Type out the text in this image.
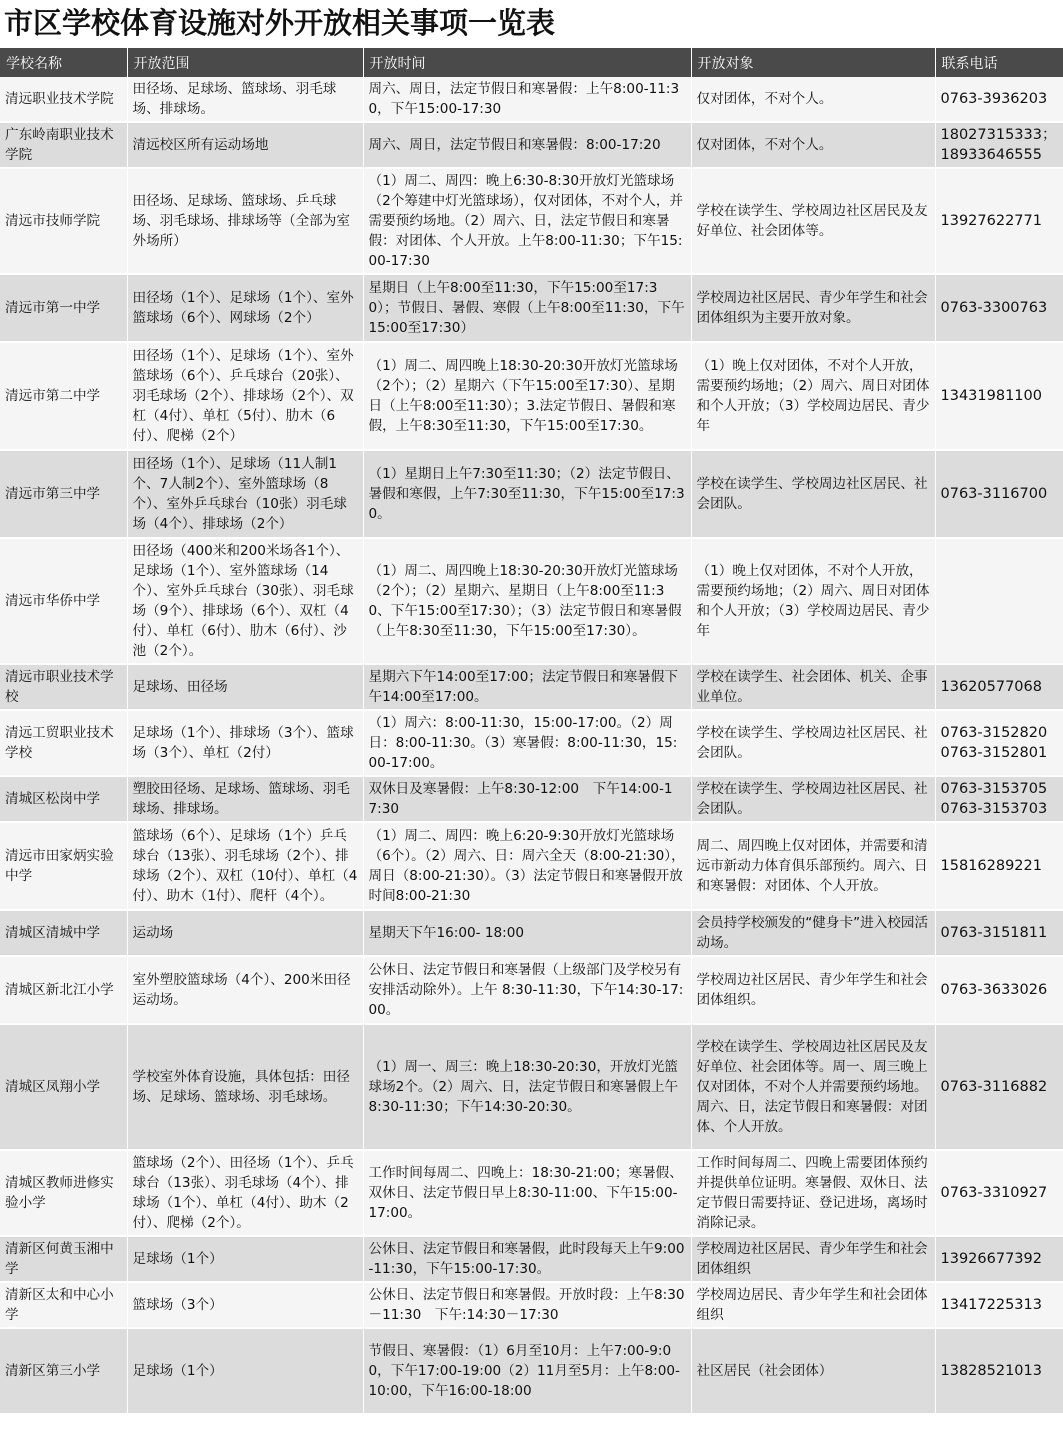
市区学校体育设施对外开放相关事项一览表
学校名称	开放范围	开放时间	开放对象	联系电话
清远职业技术学院	田径场、足球场、篮球场、羽毛球场、排球场。	周六、周日，法定节假日和寒暑假：上午8:00-11:30，下午15:00-17:30	仅对团体，不对个人。	0763-3936203
广东岭南职业技术学院	清远校区所有运动场地	周六、周日，法定节假日和寒暑假：8:00-17:20	仅对团体，不对个人。	18027315333；18933646555
清远市技师学院	田径场、足球场、篮球场、乒乓球场、羽毛球场、排球场等（全部为室外场所）	（1）周二、周四：晚上6:30-8:30开放灯光篮球场（2个筹建中灯光篮球场），仅对团体，不对个人，并需要预约场地。（2）周六、日，法定节假日和寒暑假：对团体、个人开放。上午8:00-11:30；下午15:00-17:30	学校在读学生、学校周边社区居民及友好单位、社会团体等。	13927622771
清远市第一中学	田径场（1个）、足球场（1个）、室外篮球场（6个）、网球场（2个）	星期日（上午8:00至11:30，下午15:00至17:30）；节假日、暑假、寒假（上午8:00至11:30，下午15:00至17:30）	学校周边社区居民、青少年学生和社会团体组织为主要开放对象。	0763-3300763
清远市第二中学	田径场（1个）、足球场（1个）、室外篮球场（6个）、乒乓球台（20张）、羽毛球场（2个）、排球场（2个）、双杠（4付）、单杠（5付）、肋木（6付）、爬梯（2个）	（1）周二、周四晚上18:30-20:30开放灯光篮球场（2个）；（2）星期六（下午15:00至17:30）、星期日（上午8:00至11:30）；3.法定节假日、暑假和寒假，上午8:30至11:30，下午15:00至17:30。	（1）晚上仅对团体，不对个人开放，需要预约场地；（2）周六、周日对团体和个人开放；（3）学校周边居民、青少年	13431981100
清远市第三中学	田径场（1个）、足球场（11人制1个、7人制2个）、室外篮球场（8个）、室外乒乓球台（10张）羽毛球场（4个）、排球场（2个）	（1）星期日上午7:30至11:30；（2）法定节假日、暑假和寒假，上午7:30至11:30，下午15:00至17:30。	学校在读学生、学校周边社区居民、社会团队。	0763-3116700
清远市华侨中学	田径场（400米和200米场各1个）、足球场（1个）、室外篮球场（14个）、室外乒乓球台（30张）、羽毛球场（9个）、排球场（6个）、双杠（4付）、单杠（6付）、肋木（6付）、沙池（2个）。	（1）周二、周四晚上18:30-20:30开放灯光篮球场（2个）；（2）星期六、星期日（上午8:00至11:30、下午15:00至17:30）；（3）法定节假日和寒暑假（上午8:30至11:30，下午15:00至17:30）。	（1）晚上仅对团体，不对个人开放，需要预约场地；（2）周六、周日对团体和个人开放；（3）学校周边居民、青少年	
清远市职业技术学校	足球场、田径场	星期六下午14:00至17:00；法定节假日和寒暑假下午14:00至17:00。	学校在读学生、社会团体、机关、企事业单位。	13620577068
清远工贸职业技术学校	足球场（1个）、排球场（3个）、篮球场（3个）、单杠（2付）	（1）周六：8:00-11:30，15:00-17:00。（2）周日：8:00-11:30。（3）寒暑假：8:00-11:30，15:00-17:00。	学校在读学生、学校周边社区居民、社会团队。	0763-3152820 0763-3152801
清城区松岗中学	塑胶田径场、足球场、篮球场、羽毛球场、排球场。	双休日及寒暑假：上午8:30-12:00　下午14:00-17:30	学校在读学生、学校周边社区居民、社会团队。	0763-3153705 0763-3153703
清远市田家炳实验中学	篮球场（6个）、足球场（1个）乒乓球台（13张）、羽毛球场（2个）、排球场（2个）、双杠（10付）、单杠（4付）、助木（1付）、爬杆（4个）。	（1）周二、周四：晚上6:20-9:30开放灯光篮球场（6个）。（2）周六、日：周六全天（8:00-21:30），周日（8:00-21:30）。（3）法定节假日和寒暑假开放时间8:00-21:30	周二、周四晚上仅对团体，并需要和清远市新动力体育俱乐部预约。周六、日和寒暑假：对团体、个人开放。	15816289221
清城区清城中学	运动场	星期天下午16:00- 18:00	会员持学校颁发的“健身卡”进入校园活动场。	0763-3151811
清城区新北江小学	室外塑胶篮球场（4个）、200米田径运动场。	公休日、法定节假日和寒暑假（上级部门及学校另有安排活动除外）。上午 8:30-11:30，下午14:30-17:00。	学校周边社区居民、青少年学生和社会团体组织。	0763-3633026
清城区凤翔小学	学校室外体育设施，具体包括：田径场、足球场、篮球场、羽毛球场。	（1）周一、周三：晚上18:30-20:30，开放灯光篮球场2个。（2）周六、日，法定节假日和寒暑假上午8:30-11:30；下午14:30-20:30。	学校在读学生、学校周边社区居民及友好单位、社会团体等。周一、周三晚上仅对团体，不对个人并需要预约场地。周六、日，法定节假日和寒暑假：对团体、个人开放。	0763-3116882
清城区教师进修实验小学	篮球场（2个）、田径场（1个）、乒乓球台（13张）、羽毛球场（4个）、排球场（1个）、单杠（4付）、助木（2付）、爬梯（2个）。	工作时间每周二、四晚上：18:30-21:00；寒暑假、双休日、法定节假日早上8:30-11:00、下午15:00-17:00。	工作时间每周二、四晚上需要团体预约并提供单位证明。寒暑假、双休日、法定节假日需要持证、登记进场，离场时消除记录。	0763-3310927
清新区何黄玉湘中学	足球场（1个）	公休日、法定节假日和寒暑假，此时段每天上午9:00-11:30，下午15:00-17:30。	学校周边社区居民、青少年学生和社会团体组织	13926677392
清新区太和中心小学	篮球场（3个）	公休日、法定节假日和寒暑假。开放时段：上午8:30－11:30　下午:14:30－17:30	学校周边居民、青少年学生和社会团体组织	13417225313
清新区第三小学	足球场（1个）	节假日、寒暑假：（1）6月至10月：上午7:00-9:00，下午17:00-19:00（2）11月至5月：上午8:00-10:00，下午16:00-18:00	社区居民（社会团体）	13828521013
